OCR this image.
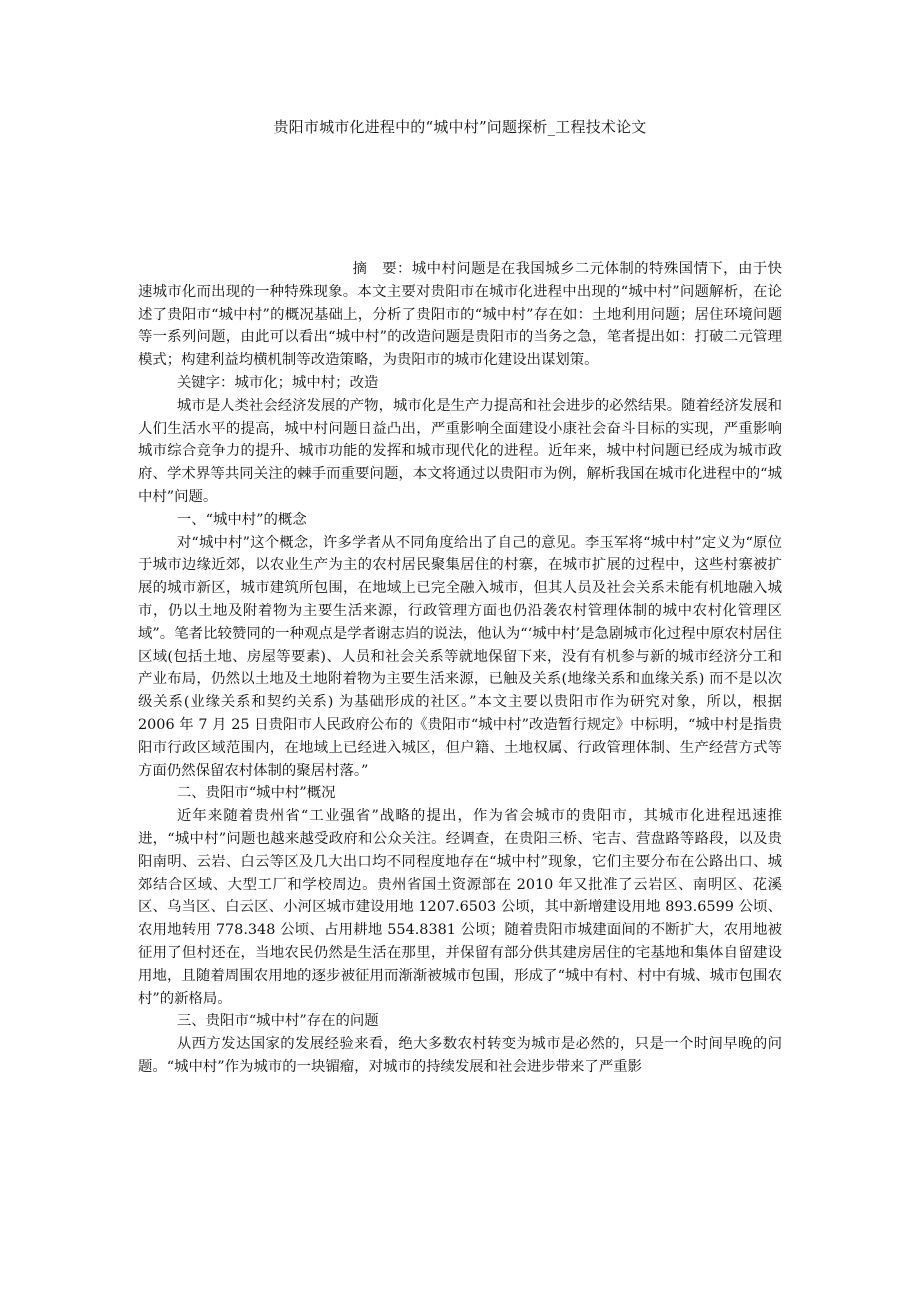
贵阳市城市化进程中的“城中村”问题探析_工程技术论文

摘　要：城中村问题是在我国城乡二元体制的特殊国情下，由于快速城市化而出现的一种特殊现象。本文主要对贵阳市在城市化进程中出现的“城中村”问题解析，在论述了贵阳市“城中村”的概况基础上，分析了贵阳市的“城中村”存在如：土地利用问题；居住环境问题等一系列问题，由此可以看出“城中村”的改造问题是贵阳市的当务之急，笔者提出如：打破二元管理模式；构建利益均横机制等改造策略，为贵阳市的城市化建设出谋划策。

关键字：城市化；城中村；改造

城市是人类社会经济发展的产物，城市化是生产力提高和社会进步的必然结果。随着经济发展和人们生活水平的提高，城中村问题日益凸出，严重影响全面建设小康社会奋斗目标的实现，严重影响城市综合竞争力的提升、城市功能的发挥和城市现代化的进程。近年来，城中村问题已经成为城市政府、学术界等共同关注的棘手而重要问题，本文将通过以贵阳市为例，解析我国在城市化进程中的“城中村”问题。

一、“城中村”的概念

对“城中村”这个概念，许多学者从不同角度给出了自己的意见。李玉军将“城中村”定义为“原位于城市边缘近郊，以农业生产为主的农村居民聚集居住的村寨，在城市扩展的过程中，这些村寨被扩展的城市新区，城市建筑所包围，在地域上已完全融入城市，但其人员及社会关系未能有机地融入城市，仍以土地及附着物为主要生活来源，行政管理方面也仍沿袭农村管理体制的城中农村化管理区域”。笔者比较赞同的一种观点是学者谢志岿的说法，他认为“‘城中村’是急剧城市化过程中原农村居住区域(包括土地、房屋等要素)、人员和社会关系等就地保留下来，没有有机参与新的城市经济分工和产业布局，仍然以土地及土地附着物为主要生活来源，已触及关系(地缘关系和血缘关系) 而不是以次级关系(业缘关系和契约关系) 为基础形成的社区。”本文主要以贵阳市作为研究对象，所以，根据 2006 年 7 月 25 日贵阳市人民政府公布的《贵阳市“城中村”改造暂行规定》中标明，“城中村是指贵阳市行政区域范围内，在地域上已经进入城区，但户籍、土地权属、行政管理体制、生产经营方式等方面仍然保留农村体制的聚居村落。”

二、贵阳市“城中村”概况

近年来随着贵州省“工业强省”战略的提出，作为省会城市的贵阳市，其城市化进程迅速推进，“城中村”问题也越来越受政府和公众关注。经调查，在贵阳三桥、宅吉、营盘路等路段，以及贵阳南明、云岩、白云等区及几大出口均不同程度地存在“城中村”现象，它们主要分布在公路出口、城郊结合区域、大型工厂和学校周边。贵州省国土资源部在 2010 年又批准了云岩区、南明区、花溪区、乌当区、白云区、小河区城市建设用地 1207.6503 公顷，其中新增建设用地 893.6599 公顷、农用地转用 778.348 公顷、占用耕地 554.8381 公顷；随着贵阳市城建面间的不断扩大，农用地被征用了但村还在，当地农民仍然是生活在那里，并保留有部分供其建房居住的宅基地和集体自留建设用地，且随着周围农用地的逐步被征用而渐渐被城市包围，形成了“城中有村、村中有城、城市包围农村”的新格局。

三、贵阳市“城中村”存在的问题

从西方发达国家的发展经验来看，绝大多数农村转变为城市是必然的，只是一个时间早晚的问题。“城中村”作为城市的一块镅瘤，对城市的持续发展和社会进步带来了严重影
